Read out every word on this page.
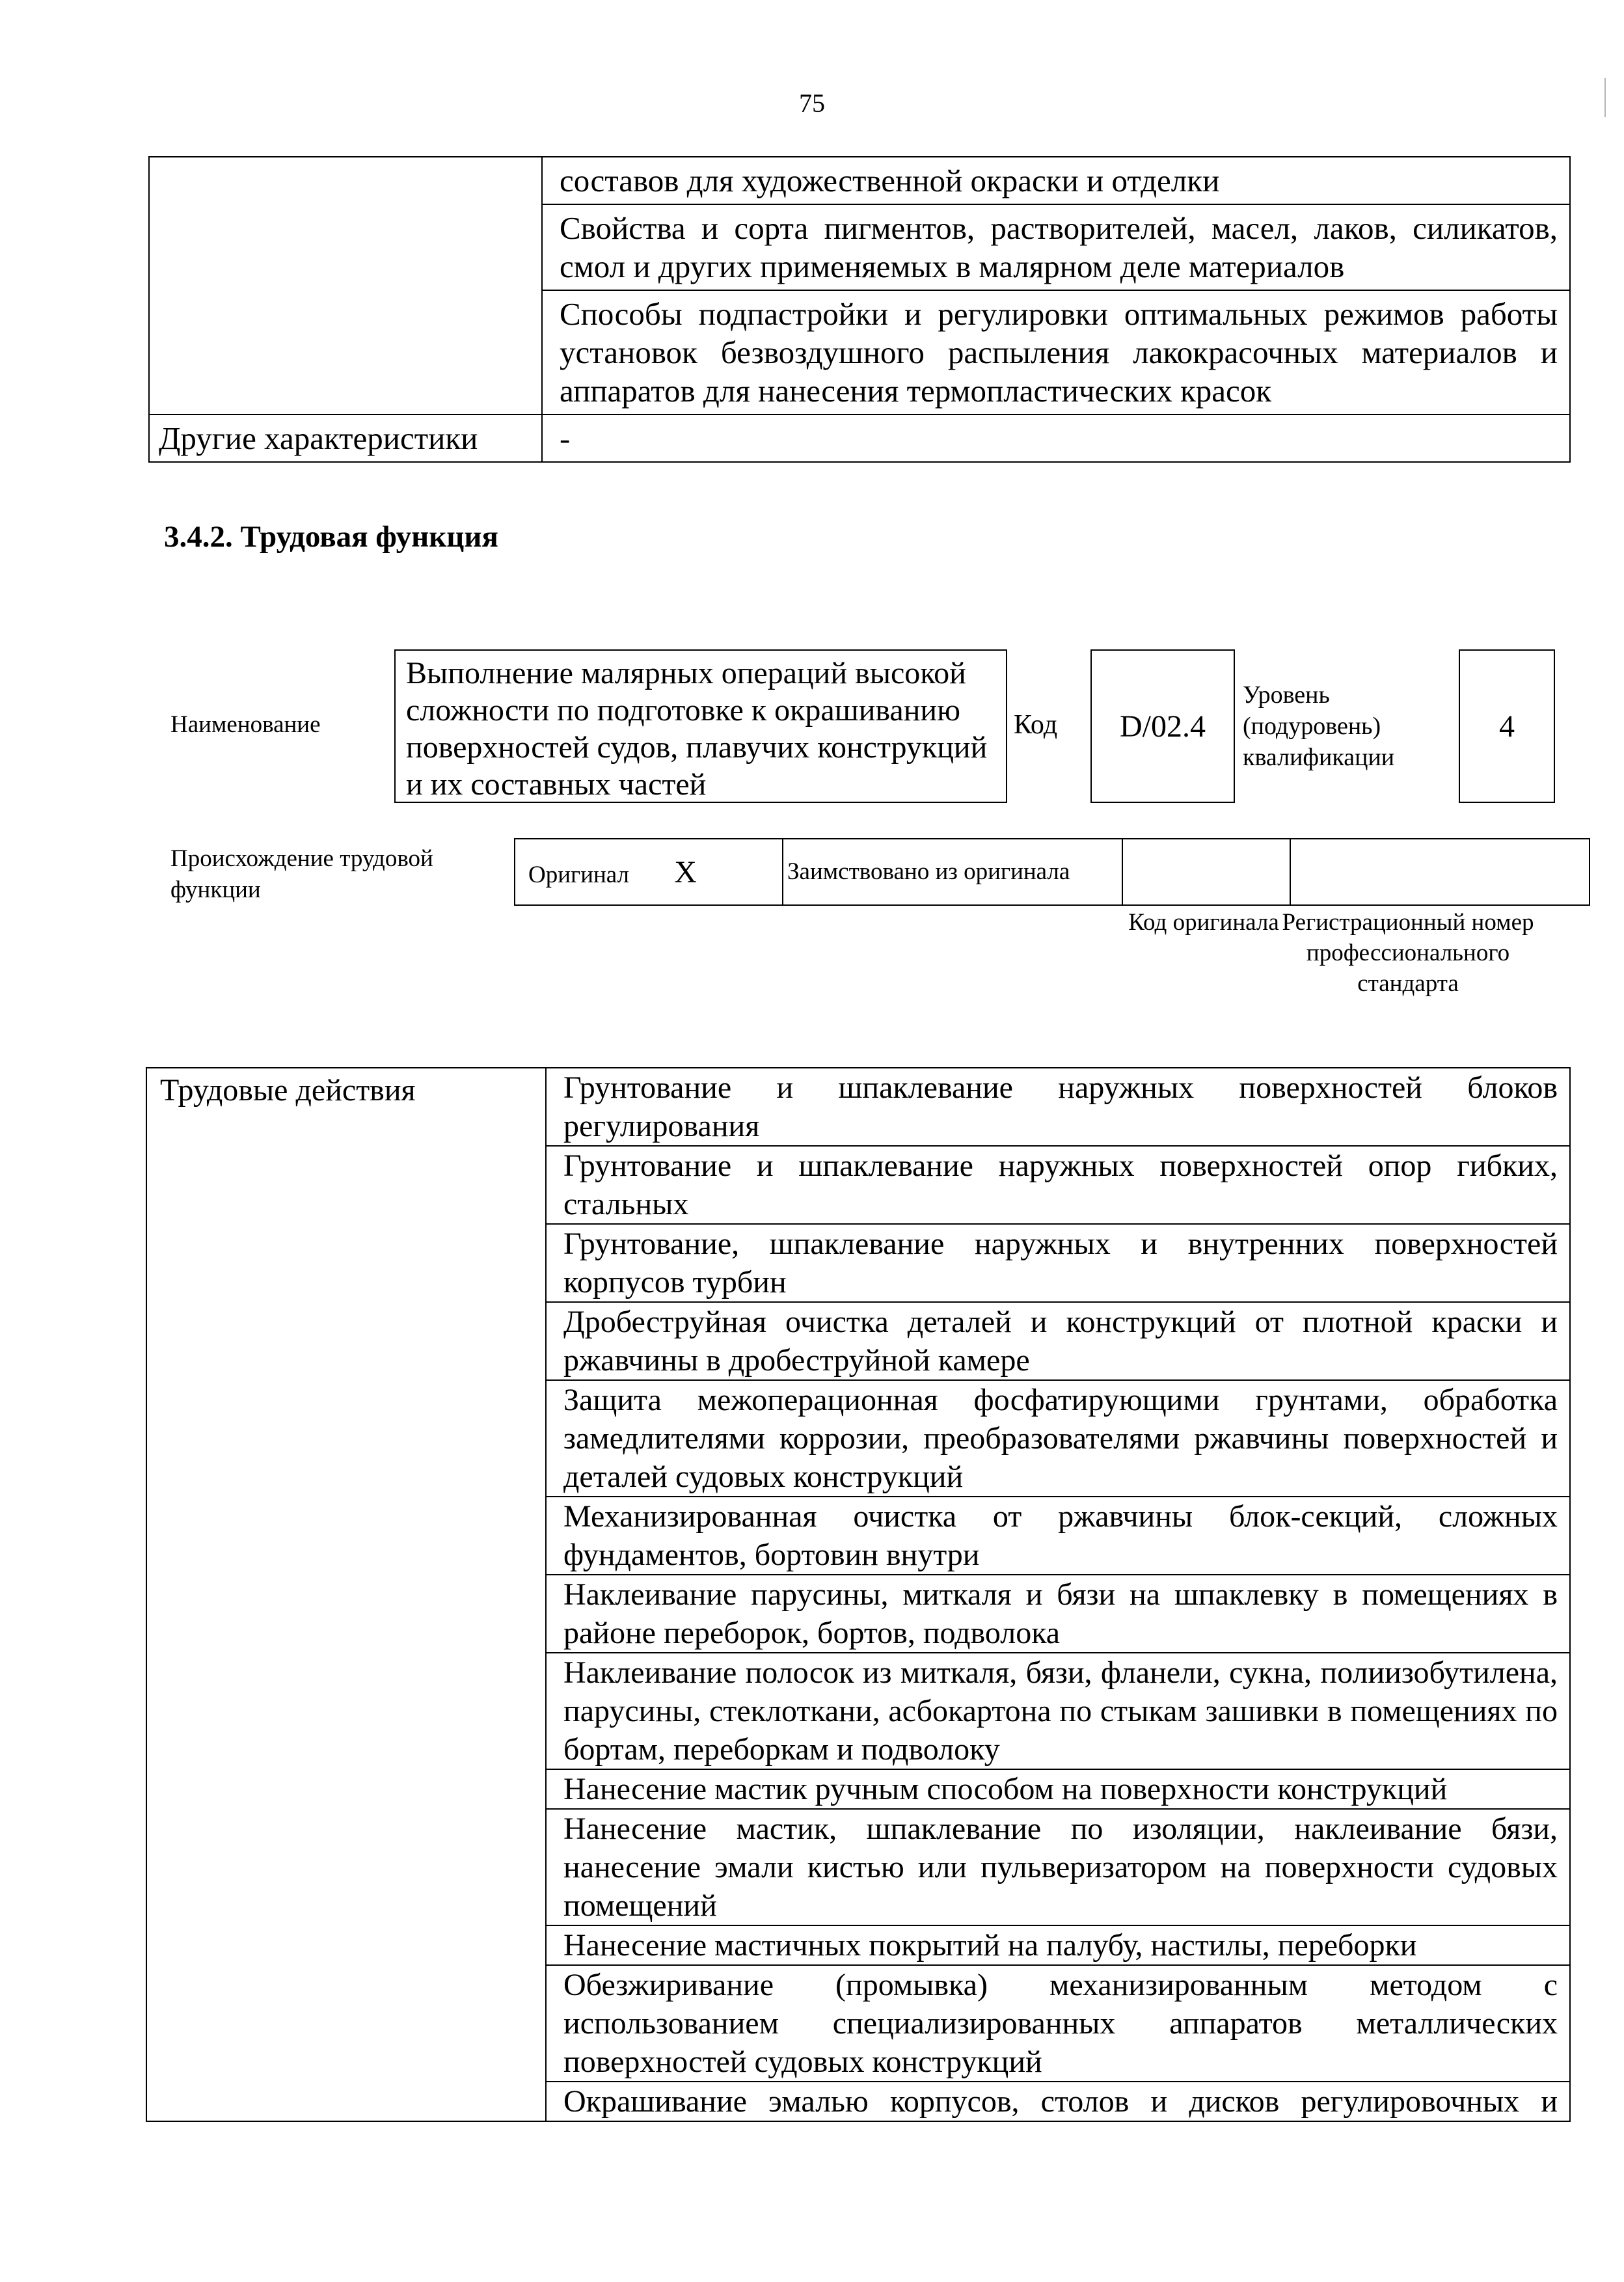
75
	составов для художественной окраски и отделки
	Свойства и сорта пигментов, растворителей, масел, лаков, силикатов, смол и других применяемых в малярном деле материалов
	Способы подпастройки и регулировки оптимальных режимов работы установок безвоздушного распыления лакокрасочных материалов и аппаратов для нанесения термопластических красок
Другие характеристики	-
3.4.2. Трудовая функция
Наименование
Выполнение малярных операций высокой сложности по подготовке к окрашиванию поверхностей судов, плавучих конструкций и их составных частей
Код D/02.4
Уровень (подуровень) квалификации
4
Происхождение трудовой функции
Оригинал X	Заимствовано из оригинала		
Код оригинала Регистрационный номер профессионального стандарта
Трудовые действия	Грунтование и шпаклевание наружных поверхностей блоков регулирования
Грунтование и шпаклевание наружных поверхностей опор гибких, стальных
Грунтование, шпаклевание наружных и внутренних поверхностей корпусов турбин
Дробеструйная очистка деталей и конструкций от плотной краски и ржавчины в дробеструйной камере
Защита межоперационная фосфатирующими грунтами, обработка замедлителями коррозии, преобразователями ржавчины поверхностей и деталей судовых конструкций
Механизированная очистка от ржавчины блок-секций, сложных фундаментов, бортовин внутри
Наклеивание парусины, миткаля и бязи на шпаклевку в помещениях в районе переборок, бортов, подволока
Наклеивание полосок из миткаля, бязи, фланели, сукна, полиизобутилена, парусины, стеклоткани, асбокартона по стыкам зашивки в помещениях по бортам, переборкам и подволоку
Нанесение мастик ручным способом на поверхности конструкций
Нанесение мастик, шпаклевание по изоляции, наклеивание бязи, нанесение эмали кистью или пульверизатором на поверхности судовых помещений
Нанесение мастичных покрытий на палубу, настилы, переборки
Обезжиривание (промывка) механизированным методом с использованием специализированных аппаратов металлических поверхностей судовых конструкций
Окрашивание эмалью корпусов, столов и дисков регулировочных и
